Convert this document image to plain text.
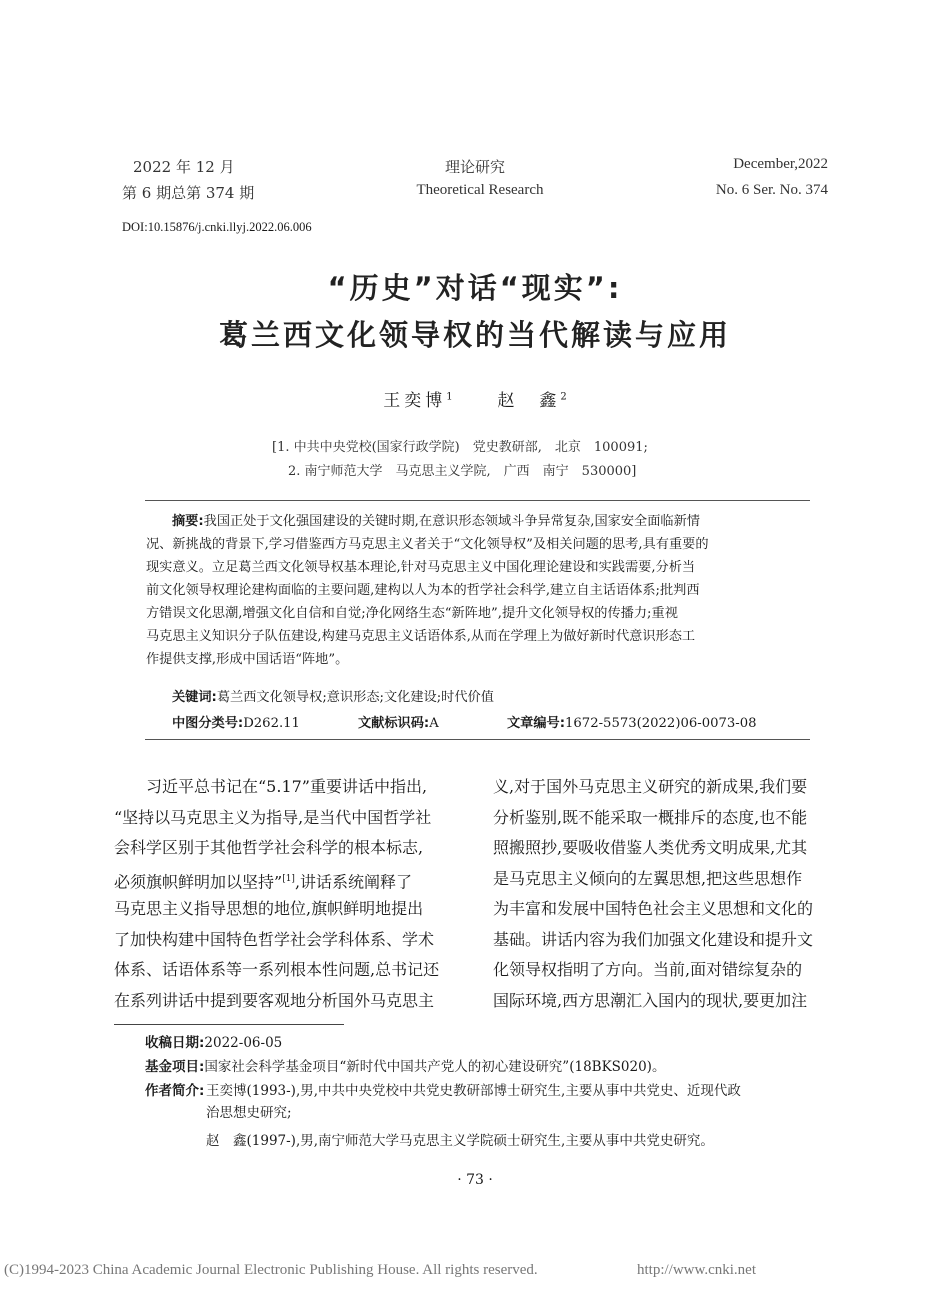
2022 年 12 月
第 6 期总第 374 期
理论研究
Theoretical Research
December,2022
No. 6 Ser. No. 374
DOI:10.15876/j.cnki.llyj.2022.06.006
“历史”对话“现实”:
葛兰西文化领导权的当代解读与应用
王奕博$^1$	赵　鑫$^2$
[1. 中共中央党校(国家行政学院)　党史教研部,　北京　100091;
2. 南宁师范大学　马克思主义学院,　广西　南宁　530000]

摘要:我国正处于文化强国建设的关键时期,在意识形态领域斗争异常复杂,国家安全面临新情

况、新挑战的背景下,学习借鉴西方马克思主义者关于“文化领导权”及相关问题的思考,具有重要的

现实意义。立足葛兰西文化领导权基本理论,针对马克思主义中国化理论建设和实践需要,分析当

前文化领导权理论建构面临的主要问题,建构以人为本的哲学社会科学,建立自主话语体系;批判西

方错误文化思潮,增强文化自信和自觉;净化网络生态“新阵地”,提升文化领导权的传播力;重视

马克思主义知识分子队伍建设,构建马克思主义话语体系,从而在学理上为做好新时代意识形态工

作提供支撑,形成中国话语“阵地”。

关键词:葛兰西文化领导权;意识形态;文化建设;时代价值
中图分类号:D262.11	文献标识码:A	文章编号:1672-5573(2022)06-0073-08

习近平总书记在“5.17”重要讲话中指出,

“坚持以马克思主义为指导,是当代中国哲学社

会科学区别于其他哲学社会科学的根本标志,

必须旗帜鲜明加以坚持”[1],讲话系统阐释了

马克思主义指导思想的地位,旗帜鲜明地提出

了加快构建中国特色哲学社会学科体系、学术

体系、话语体系等一系列根本性问题,总书记还

在系列讲话中提到要客观地分析国外马克思主

义,对于国外马克思主义研究的新成果,我们要

分析鉴别,既不能采取一概排斥的态度,也不能

照搬照抄,要吸收借鉴人类优秀文明成果,尤其

是马克思主义倾向的左翼思想,把这些思想作

为丰富和发展中国特色社会主义思想和文化的

基础。讲话内容为我们加强文化建设和提升文

化领导权指明了方向。当前,面对错综复杂的

国际环境,西方思潮汇入国内的现状,要更加注

收稿日期:2022-06-05
基金项目:国家社会科学基金项目“新时代中国共产党人的初心建设研究”(18BKS020)。
作者简介: 王奕博(1993-),男,中共中央党校中共党史教研部博士研究生,主要从事中共党史、近现代政

治思想史研究;

赵　鑫(1997-),男,南宁师范大学马克思主义学院硕士研究生,主要从事中共党史研究。
· 73 ·
(C)1994-2023 China Academic Journal Electronic Publishing House. All rights reserved.	http://www.cnki.net
